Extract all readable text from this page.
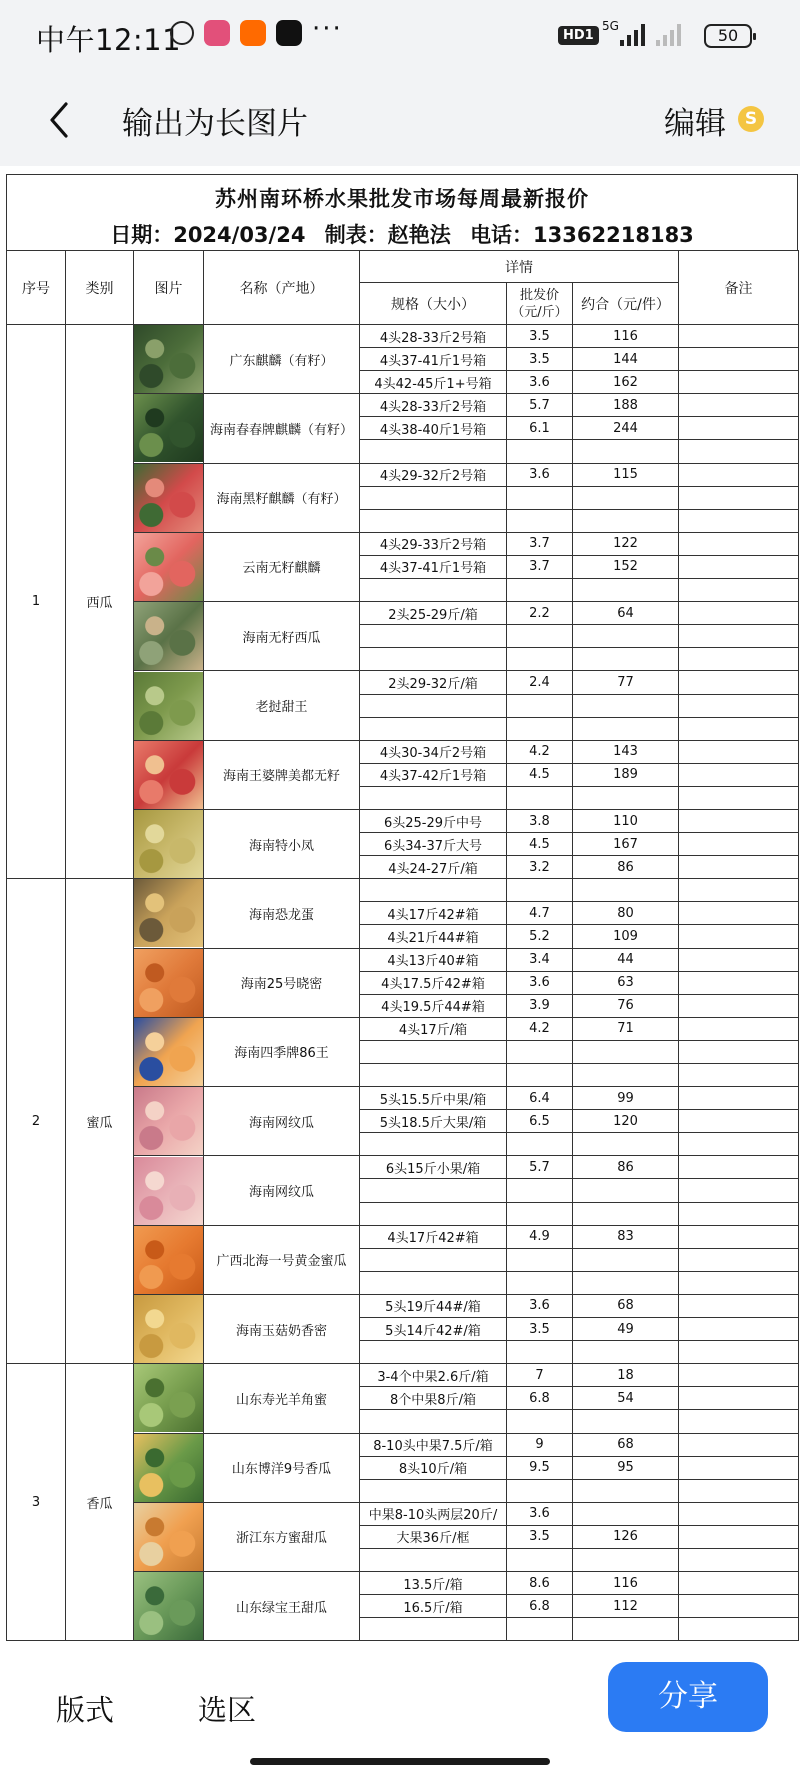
中午12:11	···	HD1
5G	50
输出为长图片	编辑	S
苏州南环桥水果批发市场每周最新报价
日期：2024/03/24 制表：赵艳法 电话：13362218183
序号	类别	图片	名称（产地）	详情			备注
				规格（大小）	批发价（元/斤）	约合（元/件）	
1	西瓜		广东麒麟（有籽）	4头28-33斤2号箱	3.5	116	
				4头37-41斤1号箱	3.5	144	
				4头42-45斤1+号箱	3.6	162	

			海南春春牌麒麟（有籽）	4头28-33斤2号箱	5.7	188	
				4头38-40斤1号箱	6.1	244	

			海南黑籽麒麟（有籽）	4头29-32斤2号箱	3.6	115	

			云南无籽麒麟	4头29-33斤2号箱	3.7	122	
				4头37-41斤1号箱	3.7	152	

			海南无籽西瓜	2头25-29斤/箱	2.2	64	

			老挝甜王	2头29-32斤/箱	2.4	77	

			海南王婆牌美都无籽	4头30-34斤2号箱	4.2	143	
				4头37-42斤1号箱	4.5	189	

			海南特小凤	6头25-29斤中号	3.8	110	
				6头34-37斤大号	4.5	167	
				4头24-27斤/箱	3.2	86	
2	蜜瓜		海南恐龙蛋				
				4头17斤42#箱	4.7	80	
				4头21斤44#箱	5.2	109	

			海南25号晓密	4头13斤40#箱	3.4	44	
				4头17.5斤42#箱	3.6	63	
				4头19.5斤44#箱	3.9	76	

			海南四季牌86王	4头17斤/箱	4.2	71	

			海南网纹瓜	5头15.5斤中果/箱	6.4	99	
				5头18.5斤大果/箱	6.5	120	

			海南网纹瓜	6头15斤小果/箱	5.7	86	

			广西北海一号黄金蜜瓜	4头17斤42#箱	4.9	83	

			海南玉菇奶香密	5头19斤44#/箱	3.6	68	
				5头14斤42#/箱	3.5	49	

3	香瓜		山东寿光羊角蜜	3-4个中果2.6斤/箱	7	18	
				8个中果8斤/箱	6.8	54	

			山东博洋9号香瓜	8-10头中果7.5斤/箱	9	68	
				8头10斤/箱	9.5	95	

			浙江东方蜜甜瓜	中果8-10头两层20斤/	3.6		
				大果36斤/框	3.5	126	

			山东绿宝王甜瓜	13.5斤/箱	8.6	116	
				16.5斤/箱	6.8	112	

版式	选区	分享
